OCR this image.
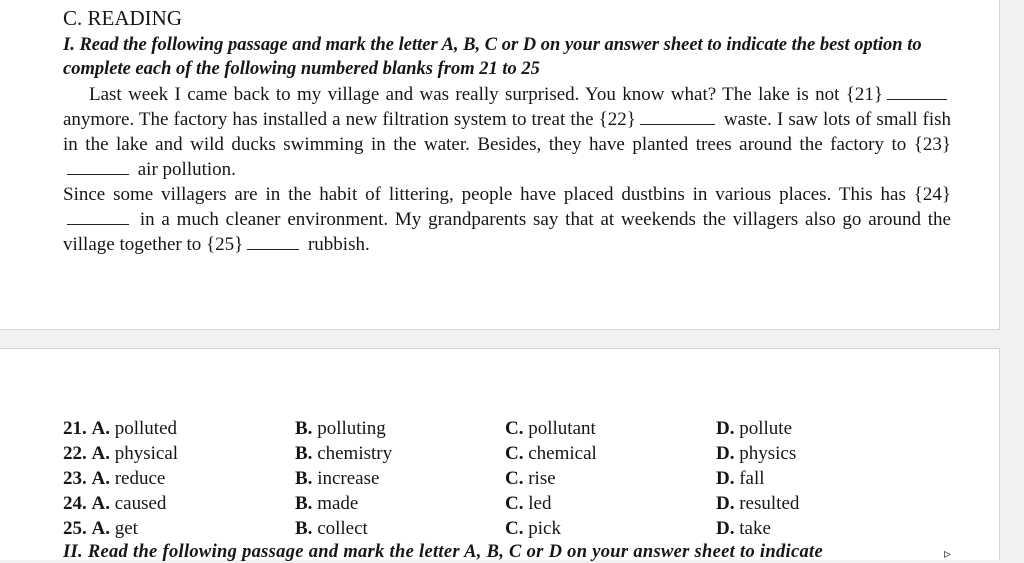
C. READING
I. Read the following passage and mark the letter A, B, C or D on your answer sheet to indicate the best option to complete each of the following numbered blanks from 21 to 25

Last week I came back to my village and was really surprised. You know what? The lake is not {21} anymore. The factory has installed a new filtration system to treat the {22}	waste. I saw lots of small fish in the lake and wild ducks swimming in the water. Besides, they have planted trees around the factory to {23} air pollution.

Since some villagers are in the habit of littering, people have placed dustbins in various places. This has {24} in a much cleaner environment. My grandparents say that at weekends the villagers also go around the village together to {25}	rubbish.

21. A. polluted	B. polluting	C. pollutant	D. pollute
22. A. physical	B. chemistry	C. chemical	D. physics
23. A. reduce	B. increase	C. rise	D. fall
24. A. caused	B. made	C. led	D. resulted
25. A. get	B. collect	C. pick	D. take
II. Read the following passage and mark the letter A, B, C or D on your answer sheet to indicate	▹
